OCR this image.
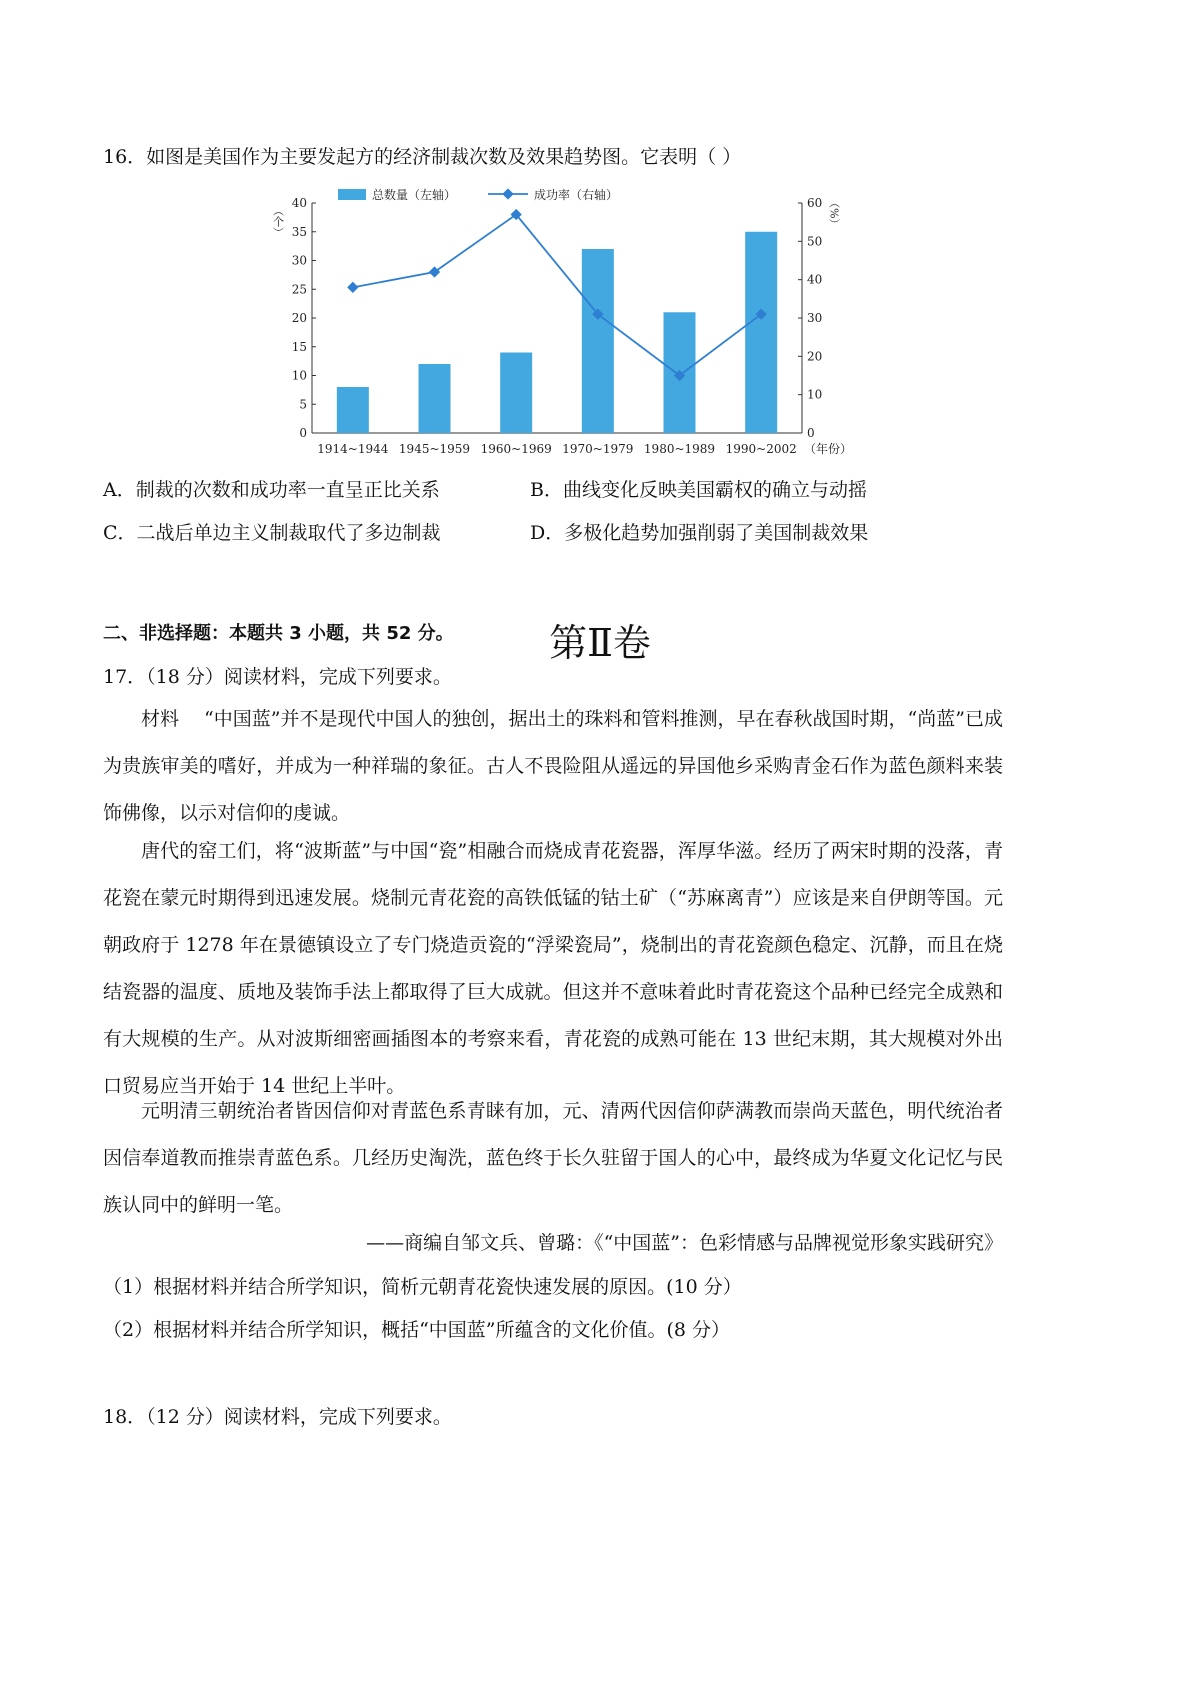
16．如图是美国作为主要发起方的经济制裁次数及效果趋势图。它表明（ ）
总数量（左轴）	成功率（右轴）
0
5
10
15
20
25
30
35
40
0
10
20
30
40
50
60
（个）	（%）
1914~1944 1945~1959 1960~1969 1970~1979 1980~1989 1990~2002 （年份）
A．制裁的次数和成功率一直呈正比关系	B．曲线变化反映美国霸权的确立与动摇
C．二战后单边主义制裁取代了多边制裁	D．多极化趋势加强削弱了美国制裁效果
第Ⅱ卷
二、非选择题：本题共 3 小题，共 52 分。
17．（18 分）阅读材料，完成下列要求。
材料　 “中国蓝”并不是现代中国人的独创，据出土的珠料和管料推测，早在春秋战国时期，“尚蓝”已成为贵族审美的嗜好，并成为一种祥瑞的象征。古人不畏险阻从遥远的异国他乡采购青金石作为蓝色颜料来装饰佛像，以示对信仰的虔诚。
唐代的窑工们，将“波斯蓝”与中国“瓷”相融合而烧成青花瓷器，浑厚华滋。经历了两宋时期的没落，青花瓷在蒙元时期得到迅速发展。烧制元青花瓷的高铁低锰的钴土矿（“苏麻离青”）应该是来自伊朗等国。元朝政府于 1278 年在景德镇设立了专门烧造贡瓷的“浮梁瓷局”，烧制出的青花瓷颜色稳定、沉静，而且在烧结瓷器的温度、质地及装饰手法上都取得了巨大成就。但这并不意味着此时青花瓷这个品种已经完全成熟和有大规模的生产。从对波斯细密画插图本的考察来看，青花瓷的成熟可能在 13 世纪末期，其大规模对外出口贸易应当开始于 14 世纪上半叶。
元明清三朝统治者皆因信仰对青蓝色系青睐有加，元、清两代因信仰萨满教而崇尚天蓝色，明代统治者因信奉道教而推崇青蓝色系。几经历史淘洗，蓝色终于长久驻留于国人的心中，最终成为华夏文化记忆与民族认同中的鲜明一笔。
——商编自邹文兵、曾璐：《“中国蓝”：色彩情感与品牌视觉形象实践研究》
（1）根据材料并结合所学知识，简析元朝青花瓷快速发展的原因。(10 分）
（2）根据材料并结合所学知识，概括“中国蓝”所蕴含的文化价值。(8 分）
18．（12 分）阅读材料，完成下列要求。
